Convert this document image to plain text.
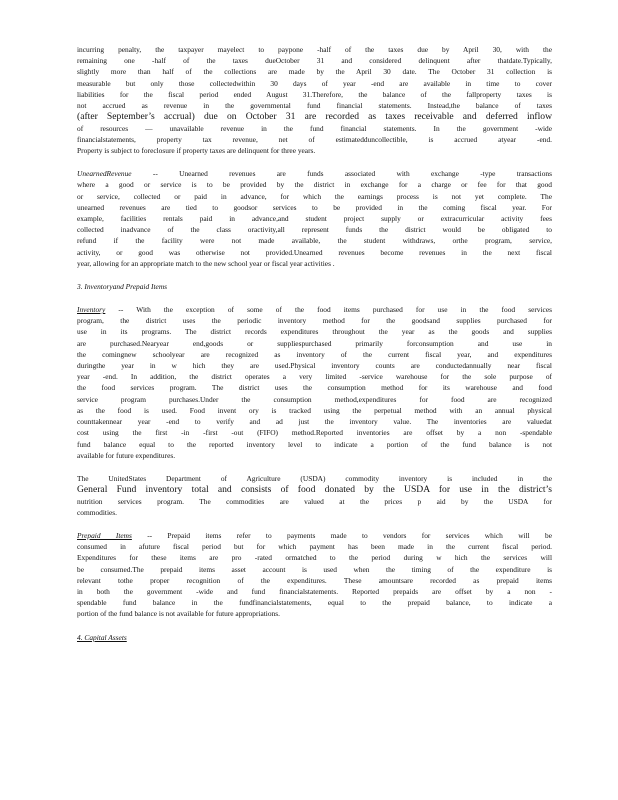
incurring penalty, the taxpayer mayelect to paypone -half of the taxes due by April 30, with the
remaining one -half of the taxes dueOctober 31 and considered delinquent after thatdate.Typically,
slightly more than half of the collections are made by the April 30 date. The October 31 collection is
measurable but only those collectedwithin 30 days of year -end are available in time to cover
liabilities for the fiscal period ended August 31.Therefore, the balance of the fallproperty taxes is
not accrued as revenue in the governmental fund financial statements. Instead,the balance of taxes
(after September’s accrual) due on October 31 are recorded as taxes receivable and deferred inflow
of resources — unavailable revenue in the fund financial statements. In the government -wide
financialstatements, property tax revenue, net of estimatedduncollectible, is accrued atyear -end.
Property is subject to foreclosure if property taxes are delinquent for three years.
UnearnedRevenue -- Unearned revenues are funds associated with exchange -type transactions
where a good or service is to be provided by the district in exchange for a charge or fee for that good
or service, collected or paid in advance, for which the earnings process is not yet complete. The
unearned revenues are tied to goodsor services to be provided in the coming fiscal year. For
example, facilities rentals paid in advance,and student project supply or extracurricular activity fees
collected inadvance of the class oractivity,all represent funds the district would be obligated to
refund if the facility were not made available, the student withdraws, orthe program, service,
activity, or good was otherwise not provided.Unearned revenues become revenues in the next fiscal
year, allowing for an appropriate match to the new school year or fiscal year activities .

3. Inventoryand Prepaid Items

Inventory -- With the exception of some of the food items purchased for use in the food services
program, the district uses the periodic inventory method for the goodsand supplies purchased for
use in its programs. The district records expenditures throughout the year as the goods and supplies
are purchased.Nearyear end,goods or suppliespurchased primarily forconsumption and use in
the comingnew schoolyear are recognized as inventory of the current fiscal year, and expenditures
duringthe year in w hich they are used.Physical inventory counts are conductedannually near fiscal
year -end. In addition, the district operates a very limited -service warehouse for the sole purpose of
the food services program. The district uses the consumption method for its warehouse and food
service program purchases.Under the consumption method,expenditures for food are recognized
as the food is used. Food invent ory is tracked using the perpetual method with an annual physical
counttakennear year -end to verify and ad just the inventory value. The inventories are valuedat
cost using the first -in -first -out (FIFO) method.Reported inventories are offset by a non -spendable
fund balance equal to the reported inventory level to indicate a portion of the fund balance is not
available for future expenditures.
The UnitedStates Department of Agriculture (USDA) commodity inventory is included in the
General Fund inventory total and consists of food donated by the USDA for use in the district’s
nutrition services program. The commodities are valued at the prices p aid by the USDA for
commodities.
Prepaid Items -- Prepaid items refer to payments made to vendors for services which will be
consumed in afuture fiscal period but for which payment has been made in the current fiscal period.
Expenditures for these items are pro -rated ormatched to the period during w hich the services will
be consumed.The prepaid items asset account is used when the timing of the expenditure is
relevant tothe proper recognition of the expenditures. These amountsare recorded as prepaid items
in both the government -wide and fund financialstatements. Reported prepaids are offset by a non -
spendable fund balance in the fundfinancialstatements, equal to the prepaid balance, to indicate a
portion of the fund balance is not available for future appropriations.

4. Capital Assets
